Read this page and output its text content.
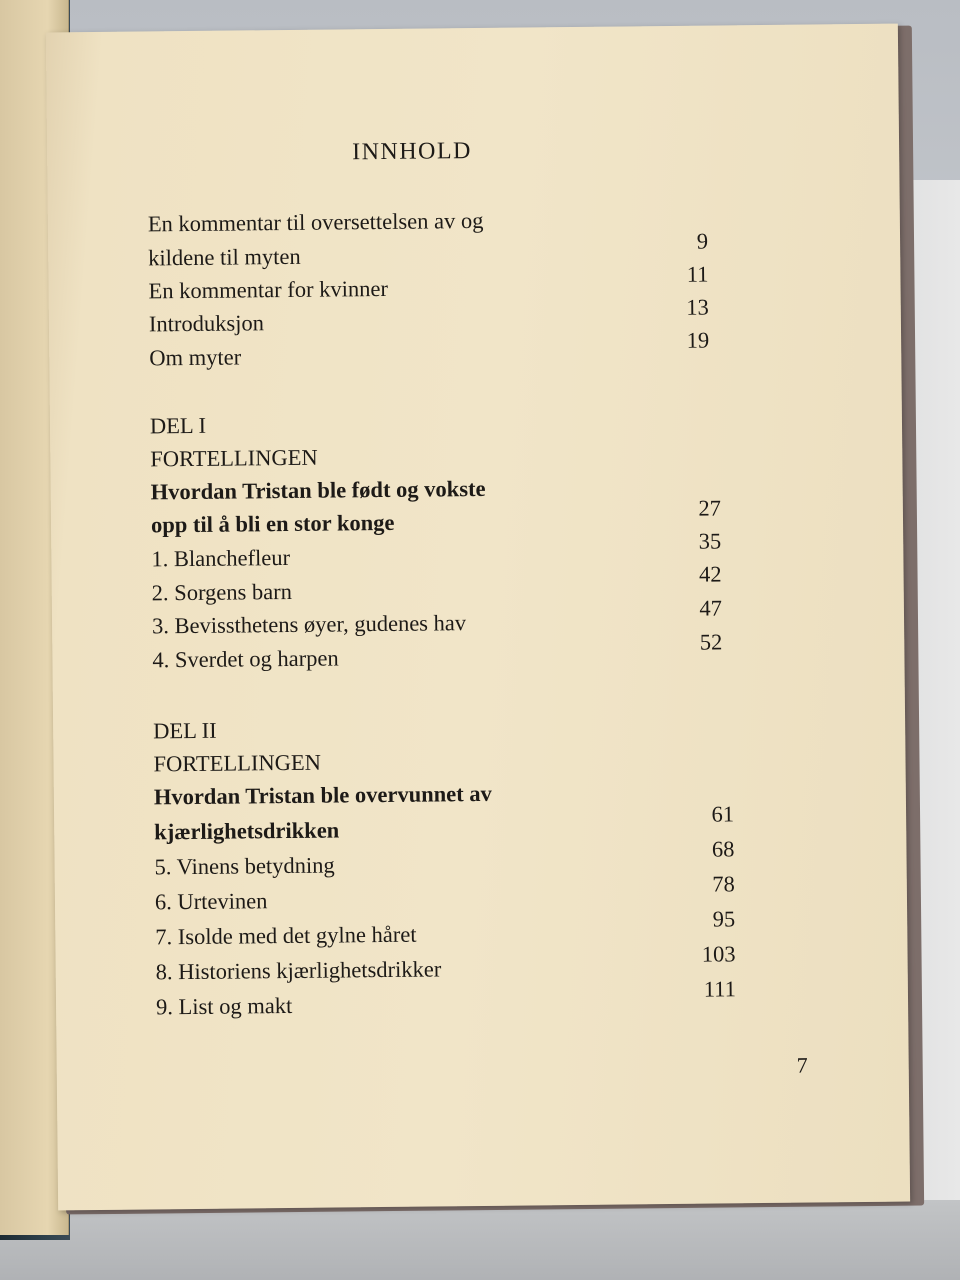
INNHOLD
En kommentar til oversettelsen av og
kildene til myten
9
En kommentar for kvinner
11
Introduksjon
13
Om myter
19
DEL I
FORTELLINGEN
Hvordan Tristan ble født og vokste
opp til å bli en stor konge
27
1. Blanchefleur
35
2. Sorgens barn
42
3. Bevissthetens øyer, gudenes hav
47
4. Sverdet og harpen
52
DEL II
FORTELLINGEN
Hvordan Tristan ble overvunnet av
kjærlighetsdrikken
61
5. Vinens betydning
68
6. Urtevinen
78
7. Isolde med det gylne håret
95
8. Historiens kjærlighetsdrikker
103
9. List og makt
111
7
